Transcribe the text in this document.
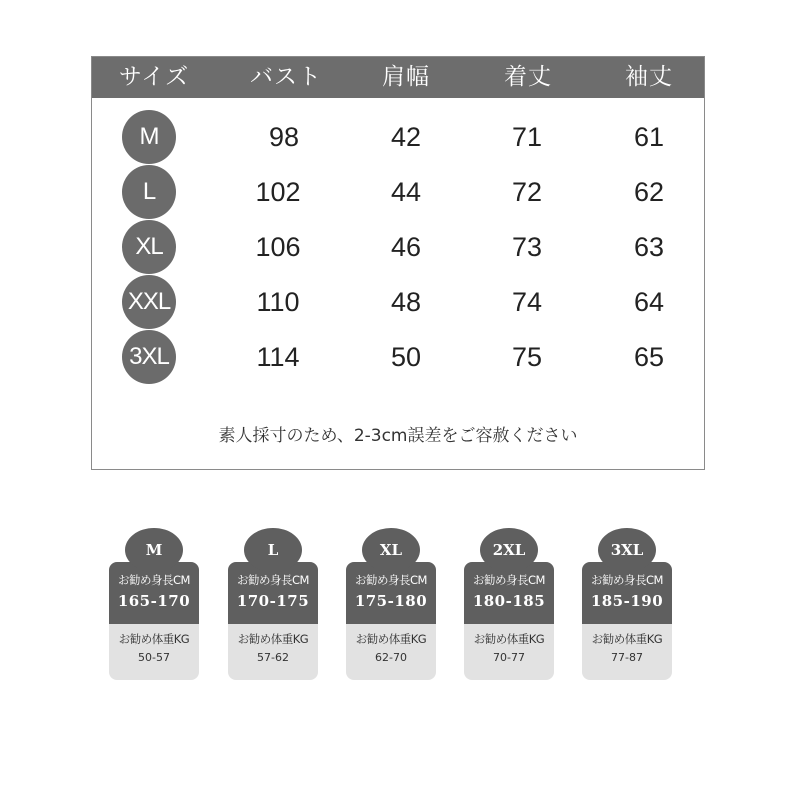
サイズ	バスト	肩幅	着丈	袖丈
M	98	42	71	61
L	102	44	72	62
XL	106	46	73	63
XXL	110	48	74	64
3XL	114	50	75	65
素人採寸のため、2-3cm誤差をご容赦ください
お勧め身長CM
165-170
M
お勧め体重KG
50-57
お勧め身長CM
170-175
L
お勧め体重KG
57-62
お勧め身長CM
175-180
XL
お勧め体重KG
62-70
お勧め身長CM
180-185
2XL
お勧め体重KG
70-77
お勧め身長CM
185-190
3XL
お勧め体重KG
77-87
